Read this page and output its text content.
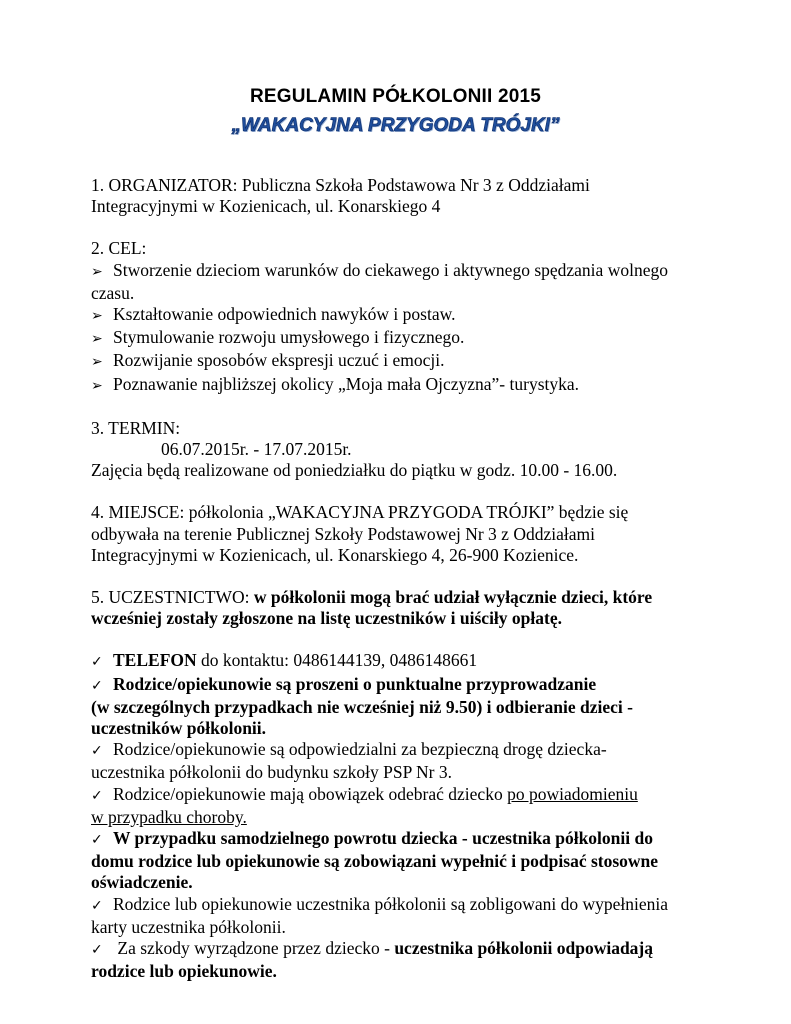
REGULAMIN PÓŁKOLONII 2015
„WAKACYJNA PRZYGODA TRÓJKI”

1. ORGANIZATOR: Publiczna Szkoła Podstawowa Nr 3 z Oddziałami

Integracyjnymi w Kozienicach, ul. Konarskiego 4

2. CEL:

➢ Stworzenie dzieciom warunków do ciekawego i aktywnego spędzania wolnego

czasu.

➢ Kształtowanie odpowiednich nawyków i postaw.

➢ Stymulowanie rozwoju umysłowego i fizycznego.

➢ Rozwijanie sposobów ekspresji uczuć i emocji.

➢ Poznawanie najbliższej okolicy „Moja mała Ojczyzna”- turystyka.

3. TERMIN:

06.07.2015r. - 17.07.2015r.

Zajęcia będą realizowane od poniedziałku do piątku w godz. 10.00 - 16.00.

4. MIEJSCE: półkolonia „WAKACYJNA PRZYGODA TRÓJKI” będzie się

odbywała na terenie Publicznej Szkoły Podstawowej Nr 3 z Oddziałami

Integracyjnymi w Kozienicach, ul. Konarskiego 4, 26-900 Kozienice.

5. UCZESTNICTWO: w półkolonii mogą brać udział wyłącznie dzieci, które

wcześniej zostały zgłoszone na listę uczestników i uiściły opłatę.

✓ TELEFON do kontaktu: 0486144139, 0486148661

✓ Rodzice/opiekunowie są proszeni o punktualne przyprowadzanie

(w szczególnych przypadkach nie wcześniej niż 9.50) i odbieranie dzieci -

uczestników półkolonii.

✓ Rodzice/opiekunowie są odpowiedzialni za bezpieczną drogę dziecka-

uczestnika półkolonii do budynku szkoły PSP Nr 3.

✓ Rodzice/opiekunowie mają obowiązek odebrać dziecko po powiadomieniu

w przypadku choroby.

✓ W przypadku samodzielnego powrotu dziecka - uczestnika półkolonii do

domu rodzice lub opiekunowie są zobowiązani wypełnić i podpisać stosowne

oświadczenie.

✓ Rodzice lub opiekunowie uczestnika półkolonii są zobligowani do wypełnienia

karty uczestnika półkolonii.

✓ Za szkody wyrządzone przez dziecko - uczestnika półkolonii odpowiadają

rodzice lub opiekunowie.
